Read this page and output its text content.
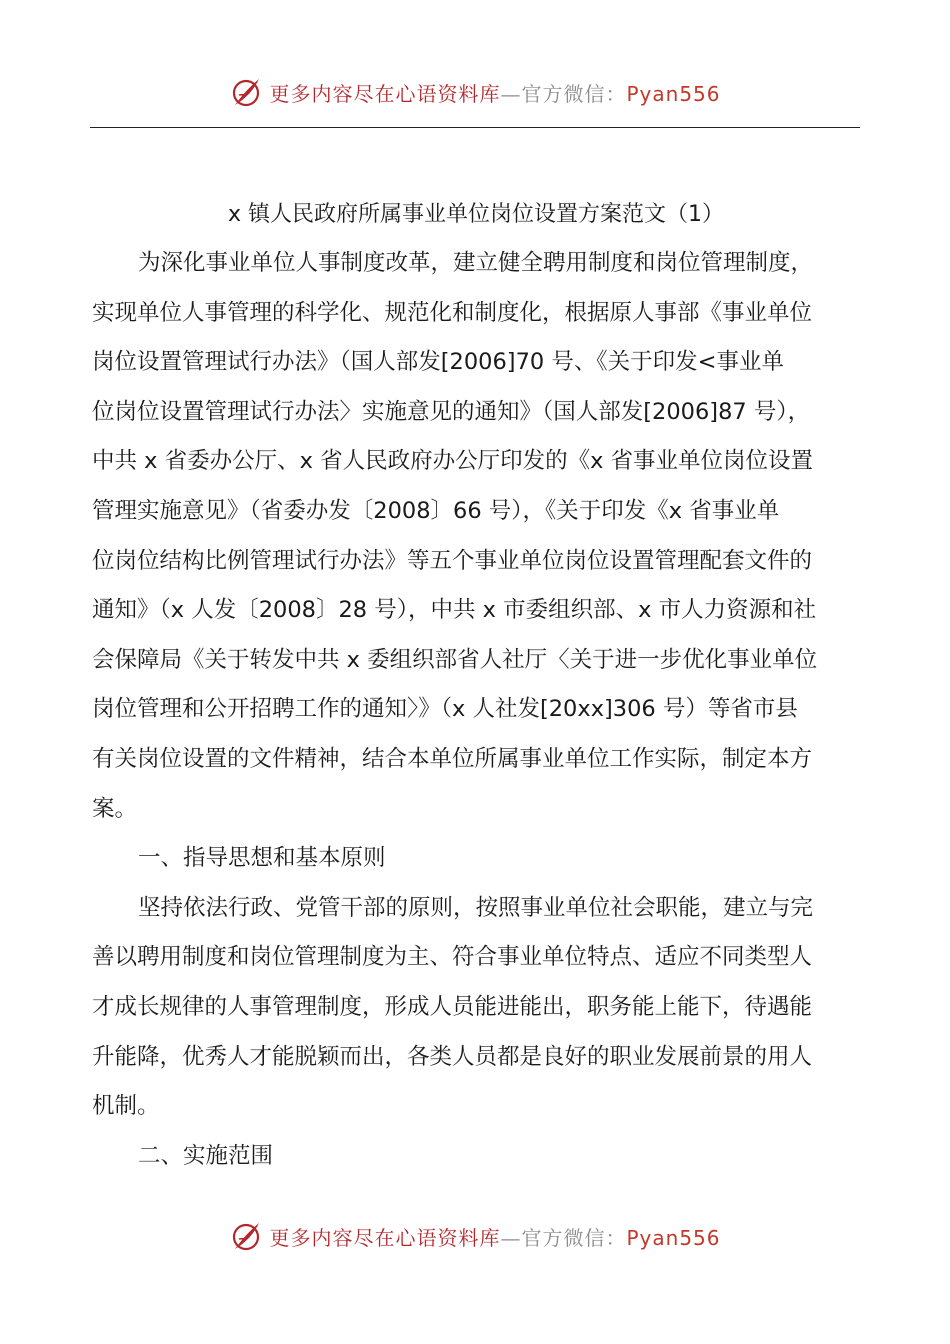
更多内容尽在心语资料库—官方微信：Pyan556
x 镇人民政府所属事业单位岗位设置方案范文（1）
为深化事业单位人事制度改革，建立健全聘用制度和岗位管理制度，
实现单位人事管理的科学化、规范化和制度化，根据原人事部《事业单位
岗位设置管理试行办法》（国人部发[2006]70 号、《关于印发<事业单
位岗位设置管理试行办法〉实施意见的通知》（国人部发[2006]87 号），
中共 x 省委办公厅、x 省人民政府办公厅印发的《x 省事业单位岗位设置
管理实施意见》（省委办发〔2008〕66 号），《关于印发《x 省事业单
位岗位结构比例管理试行办法》等五个事业单位岗位设置管理配套文件的
通知》（x 人发〔2008〕28 号），中共 x 市委组织部、x 市人力资源和社
会保障局《关于转发中共 x 委组织部省人社厅〈关于进一步优化事业单位
岗位管理和公开招聘工作的通知〉》（x 人社发[20xx]306 号）等省市县
有关岗位设置的文件精神，结合本单位所属事业单位工作实际，制定本方
案。
一、指导思想和基本原则
坚持依法行政、党管干部的原则，按照事业单位社会职能，建立与完
善以聘用制度和岗位管理制度为主、符合事业单位特点、适应不同类型人
才成长规律的人事管理制度，形成人员能进能出，职务能上能下，待遇能
升能降，优秀人才能脱颖而出，各类人员都是良好的职业发展前景的用人
机制。
二、实施范围
更多内容尽在心语资料库—官方微信：Pyan556
